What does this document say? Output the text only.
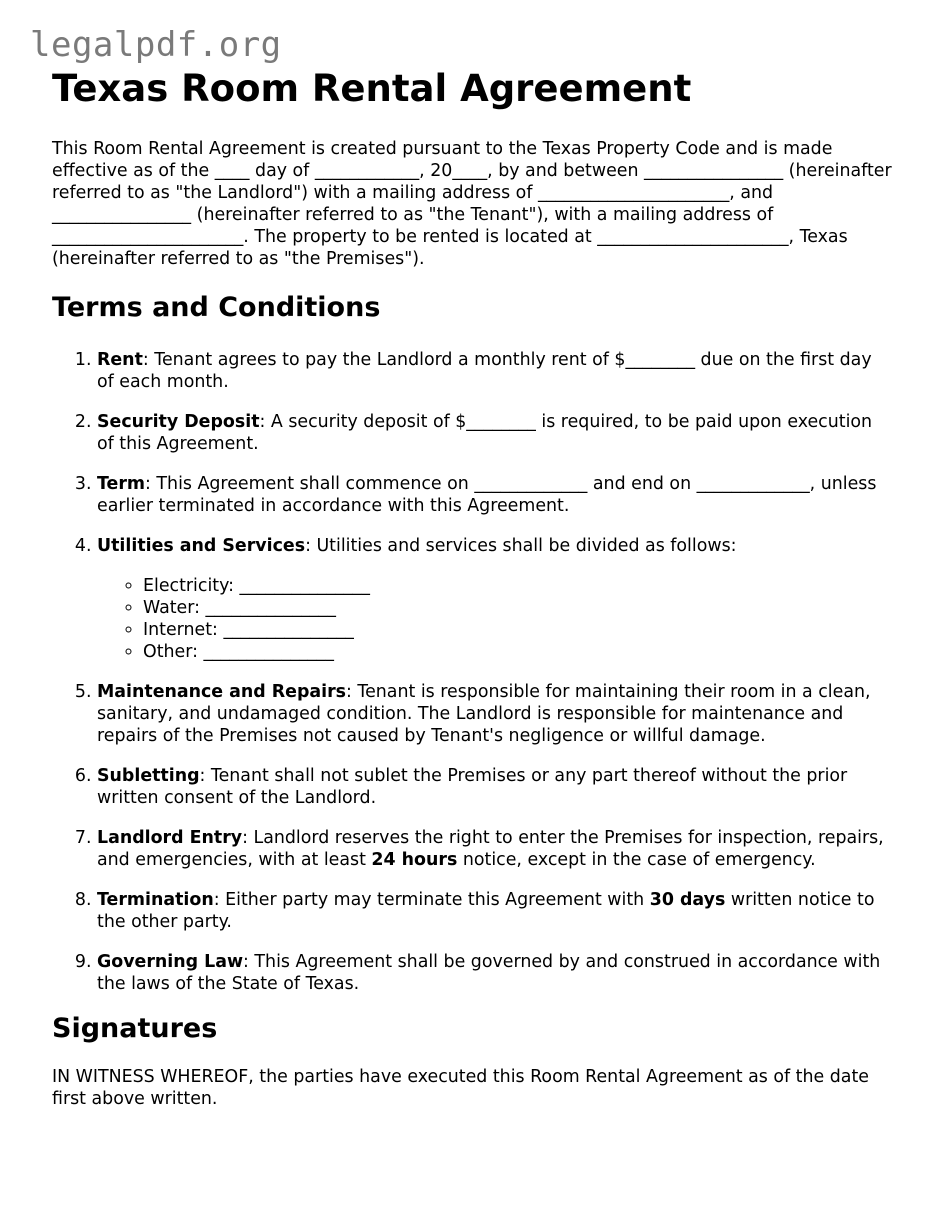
legalpdf.org
Texas Room Rental Agreement

This Room Rental Agreement is created pursuant to the Texas Property Code and is made effective as of the ____ day of ____________, 20____, by and between ________________ (hereinafter referred to as "the Landlord") with a mailing address of ______________________, and ________________ (hereinafter referred to as "the Tenant"), with a mailing address of ______________________. The property to be rented is located at ______________________, Texas (hereinafter referred to as "the Premises").

Terms and Conditions
1. Rent: Tenant agrees to pay the Landlord a monthly rent of $________ due on the first day of each month.
2. Security Deposit: A security deposit of $________ is required, to be paid upon execution of this Agreement.
3. Term: This Agreement shall commence on _____________ and end on _____________, unless earlier terminated in accordance with this Agreement.
4. Utilities and Services: Utilities and services shall be divided as follows:
◦ Electricity: _______________
◦ Water: _______________
◦ Internet: _______________
◦ Other: _______________
5. Maintenance and Repairs: Tenant is responsible for maintaining their room in a clean, sanitary, and undamaged condition. The Landlord is responsible for maintenance and repairs of the Premises not caused by Tenant's negligence or willful damage.
6. Subletting: Tenant shall not sublet the Premises or any part thereof without the prior written consent of the Landlord.
7. Landlord Entry: Landlord reserves the right to enter the Premises for inspection, repairs, and emergencies, with at least 24 hours notice, except in the case of emergency.
8. Termination: Either party may terminate this Agreement with 30 days written notice to the other party.
9. Governing Law: This Agreement shall be governed by and construed in accordance with the laws of the State of Texas.
Signatures

IN WITNESS WHEREOF, the parties have executed this Room Rental Agreement as of the date first above written.
